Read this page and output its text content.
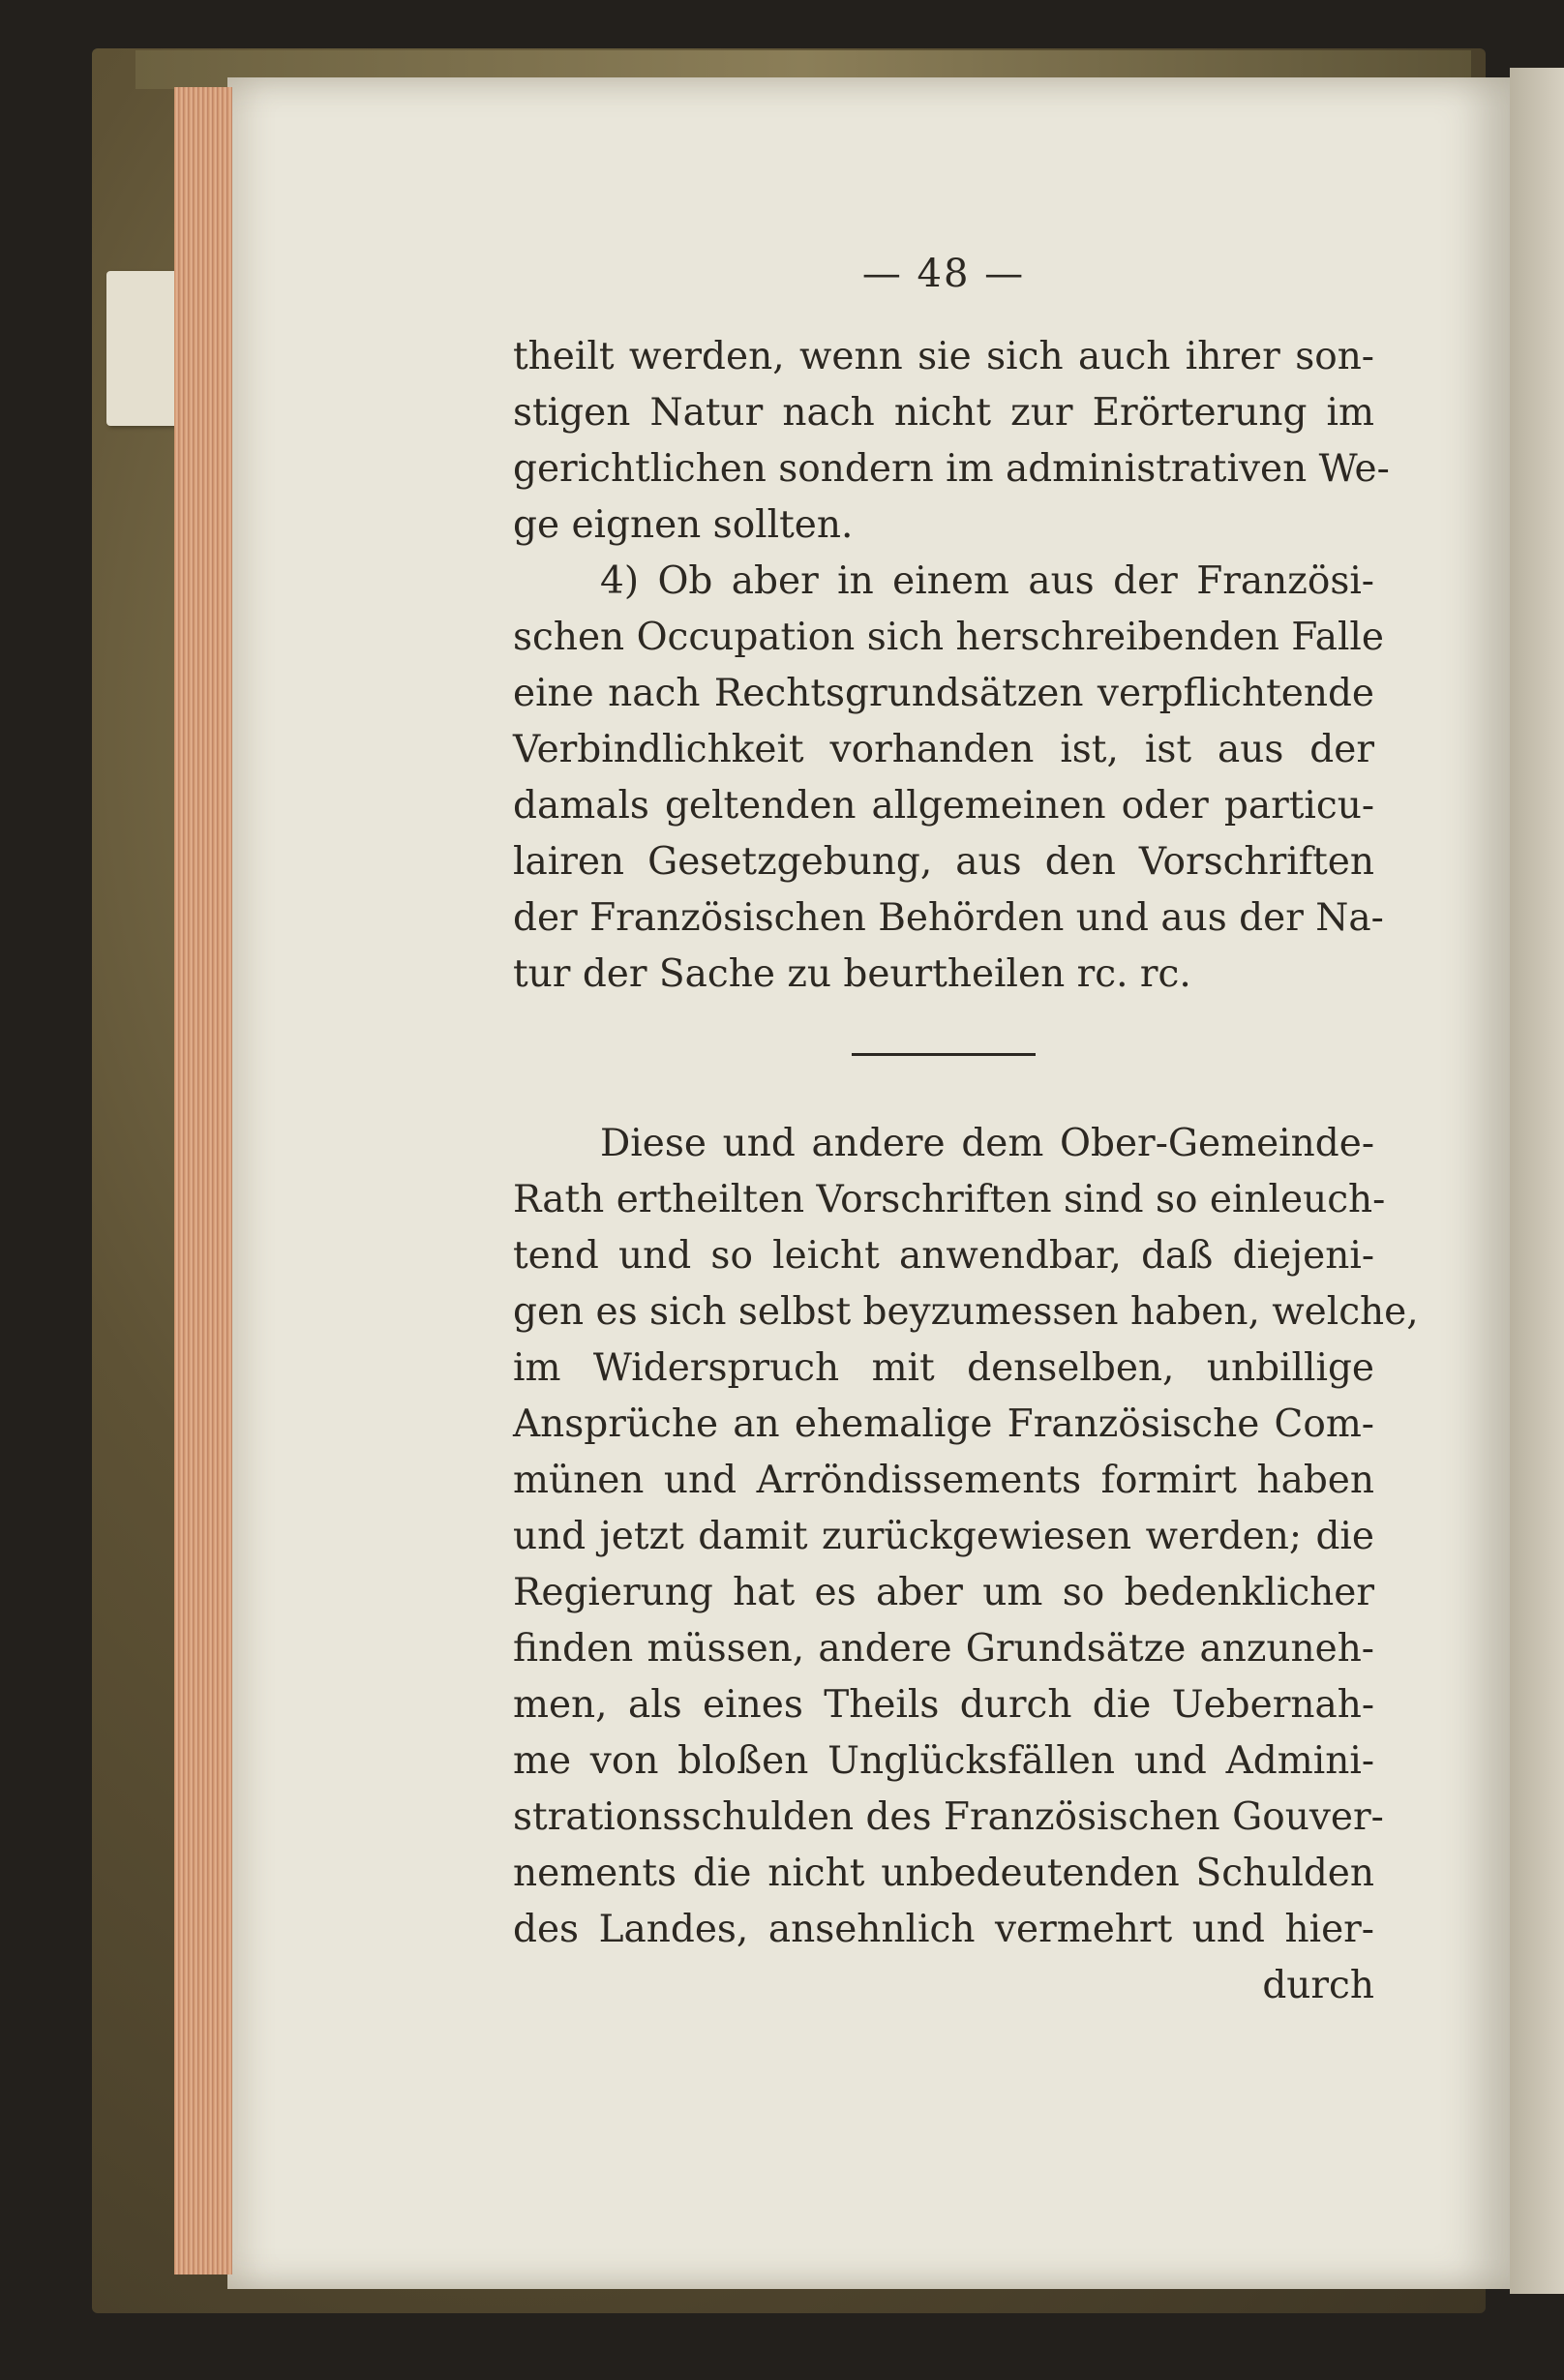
— 48 —
theilt werden, wenn sie sich auch ihrer son-
stigen Natur nach nicht zur Erörterung im
gerichtlichen sondern im administrativen We-
ge eignen sollten.
4) Ob aber in einem aus der Französi-
schen Occupation sich herschreibenden Falle
eine nach Rechtsgrundsätzen verpflichtende
Verbindlichkeit vorhanden ist, ist aus der
damals geltenden allgemeinen oder particu-
lairen Gesetzgebung, aus den Vorschriften
der Französischen Behörden und aus der Na-
tur der Sache zu beurtheilen rc. rc.
Diese und andere dem Ober-Gemeinde-
Rath ertheilten Vorschriften sind so einleuch-
tend und so leicht anwendbar, daß diejeni-
gen es sich selbst beyzumessen haben, welche,
im Widerspruch mit denselben, unbillige
Ansprüche an ehemalige Französische Com-
münen und Arröndissements formirt haben
und jetzt damit zurückgewiesen werden; die
Regierung hat es aber um so bedenklicher
finden müssen, andere Grundsätze anzuneh-
men, als eines Theils durch die Uebernah-
me von bloßen Unglücksfällen und Admini-
strationsschulden des Französischen Gouver-
nements die nicht unbedeutenden Schulden
des Landes, ansehnlich vermehrt und hier-
durch
